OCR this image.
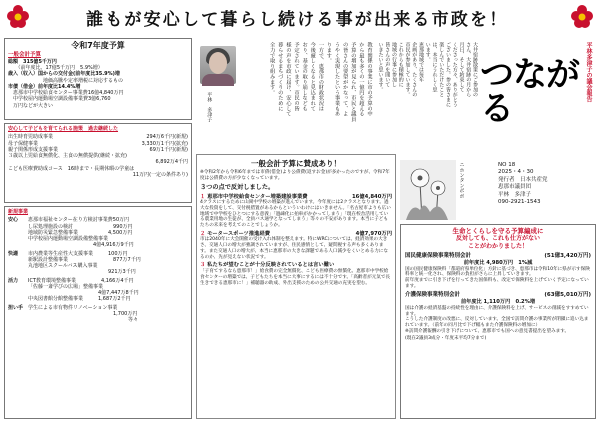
誰もが安心して暮らし続ける事が出来る市政を！
令和7年度予算
一般会計予算
総額　315億5千万円
　　（前年度比、17億5千万円　5.9%増）
歳入（収入）国からの交付金(前年度比35.9%)増
　　　　　　　地価高騰や定率増税に対応するもの
市債（借金）前年度比14.4%増
　恵那市中学校給食センター事業費16億4,840万円
　中学校屋内運動場空調設備事業費3億6,760
　万円などが大きい
安心して子どもを育てられる施策　過去継続した
出生時育児助成事業	294万6千円(新規)
母子保健事業	3,330万1千円(拡充)
親子関係形成支援事業	69万1千円(新規)
３歳以上児給食無償化、主食の無償提供(継続・拡充)
6,892万4千円
こども医療費助成コース　16時まで・長期休暇の学童は
11万円(一定の条件あり)
新規事業
安心	恵那市福祉センター在り方検討事業費50万円
し尿処理施設の検討　　　　　　　　990万円
地域防災緊急整備事業　　　　　　4,500万円
中学校屋内運動場空調設備整備事業
　　　　　　　　　　　　　4億4,916万9千円
快適	市内農業等生産性大支援事業　　　100万円
新駅設計整備事業　　　　　　　　　877万7千円
丸池地区スクールバス購入事業
　　　　　　　　　　　　　　　　921万3千円
活力	ICT教育環境整備事業　　　　　4,166万4千円
「佐藤一斎学びの広場」整備事業
　　　　　　　　　　　　　　4億7,447万8千円
中央図書館分館整備事業　　　1,687万2千円
担い手 学生による市有物件リノベーション事業
　　　　　　　　　　　　　　　　　1,700万円
　　　　　　　　　　　　　　　　　　　　等々
平林　多津子	教育関係の事業に市の予算の中
から最も多くの一億円を超える
予算の増加が見られ、市民と議員
の皆さんの要望がかなって、よ
うやく実現したという事業もあ
ります。
一方で、恵那市の財政状況は
今後厳しくなると見込まれて
おり、基金の取り崩しなども
予定されています。市民の皆
様の声を市政に届け、安心して
暮らせるまちづくりのために
全力で取り組みます。
一般会計予算に賛成あり！
※令和2年から令和6年までは市債(借金)より公債費(返すお金)が多かったのですが、令和7年度は公債費の方が少なくなっています。
３つの点で反対しました。
１ 恵那市中学校給食センター増築建設事業費	16億4,840万円
4クラスにするために山岡中学校の増築が進んでいます。今年度には2クラスとなります。過大な投資をして、交付税措置があるからといういわけにはいきません。「名古屋市よりも広い地域で中学校をひとつにする意義」「過疎化に拍車がかかってしまう」「現在校舎活用している農業用地の生徒が、全員バス通学となってしまう」等々の不安があります。本当に子どもたちの未来を考えてのことでしょうか。
２ モータースポーツ推進経費	4億7,970万円
市は2040年に大会開催の受け入れ体制を整えます。特にWRCについては、経済効果の大きさ、交通人口の増大が強調されていますが、住民感情として、疑問視する声も多くあります。また交通人口の増大が、本当に恵那市の大きな課題である人口減少をくいとめる力になるのか、先が見えない状況です。
３ 私たちが望むことが十分反映されているとは言い難い
「子育てするなら恵那市！」給食費の完全無償化、こども医療費の無償化、恵那市中学校給食センターの増築では、子どもたちを本当に大事にするには不十分です。「高齢者が元気で長生きできる恵那市に！」補聴器の助成、外出支援のための公共交通の充実を望む。
大井宿跡散策にご参加の
さん、大井宿跡の月から
月日、そして約束して
くださった方々、ありがとう
ございました。参の皆さまに
楽しんでいただけたこと
は、本当にうれしく思
います。
恵那地域では毎年
企画があり、たくさんの
市民が参加しています。
これからも積極的に
地域の行事に参加し
皆さんの声を聞いて
いきたいと思います。	平林多津子の議会報告
つながる
ニホンタンポポ	NO 18
2025・4・30
発行者　日本共産党
恵那市議員団
平林　多津子
090-2921-1543
生命とくらしを守る予算編成に
反対しても、これも仕方がない
ことがわかりました！
国民健康保険事業特別会計	(51億3,420万円)
前年度比 4,980万円　1%減
国の国民健康保険料「都道府県単位化」方針に基づき、恵那市は令和10年に県が示す保険料率と統一化され、保険料の負担がさらに上昇していきます。
前年度までに引き下げを行ってきた国保料も、改定で保険料を上げていく予定になっています。
介護保険事業特別会計	(63億5,010万円)
前年度比 1,110万円　0.2%増
国は介護の経済基盤の持続性を理由に、介護保険料を上げ、サービスの削減をすすめています。
こうした介護制度の改悪に、反対しています。全国で訪問介護の事業所が閉鎖に追い込まれています。（前年の同月比で下げ幅もまた介護保険料の増加に）
※訪問介護報酬の引き下げについて、恵那市でも国への意見書提出を望みます。
(現在2議員3成分・年度末平均7分まで)
